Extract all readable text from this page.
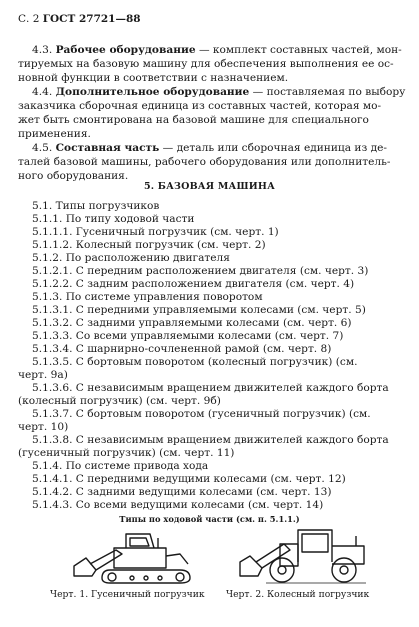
С. 2 ГОСТ 27721—88
4.3. Рабочее оборудование — комплект составных частей, мон-
тируемых на базовую машину для обеспечения выполнения ее ос-
новной функции в соответствии с назначением.
4.4. Дополнительное оборудование — поставляемая по выбору
заказчика сборочная единица из составных частей, которая мо-
жет быть смонтирована на базовой машине для специального
применения.
4.5. Составная часть — деталь или сборочная единица из де-
талей базовой машины, рабочего оборудования или дополнитель-
ного оборудования.
5. БАЗОВАЯ МАШИНА
5.1. Типы погрузчиков
5.1.1. По типу ходовой части
5.1.1.1. Гусеничный погрузчик (см. черт. 1)
5.1.1.2. Колесный погрузчик (см. черт. 2)
5.1.2. По расположению двигателя
5.1.2.1. С передним расположением двигателя (см. черт. 3)
5.1.2.2. С задним расположением двигателя (см. черт. 4)
5.1.3. По системе управления поворотом
5.1.3.1. С передними управляемыми колесами (см. черт. 5)
5.1.3.2. С задними управляемыми колесами (см. черт. 6)
5.1.3.3. Со всеми управляемыми колесами (см. черт. 7)
5.1.3.4. С шарнирно-сочлененной рамой (см. черт. 8)
5.1.3.5. С бортовым поворотом (колесный погрузчик) (см.
черт. 9а)
5.1.3.6. С независимым вращением движителей каждого борта
(колесный погрузчик) (см. черт. 9б)
5.1.3.7. С бортовым поворотом (гусеничный погрузчик) (см.
черт. 10)
5.1.3.8. С независимым вращением движителей каждого борта
(гусеничный погрузчик) (см. черт. 11)
5.1.4. По системе привода хода
5.1.4.1. С передними ведущими колесами (см. черт. 12)
5.1.4.2. С задними ведущими колесами (см. черт. 13)
5.1.4.3. Со всеми ведущими колесами (см. черт. 14)
Типы по ходовой части (см. п. 5.1.1.)
Черт. 1. Гусеничный погрузчик Черт. 2. Колесный погрузчик
